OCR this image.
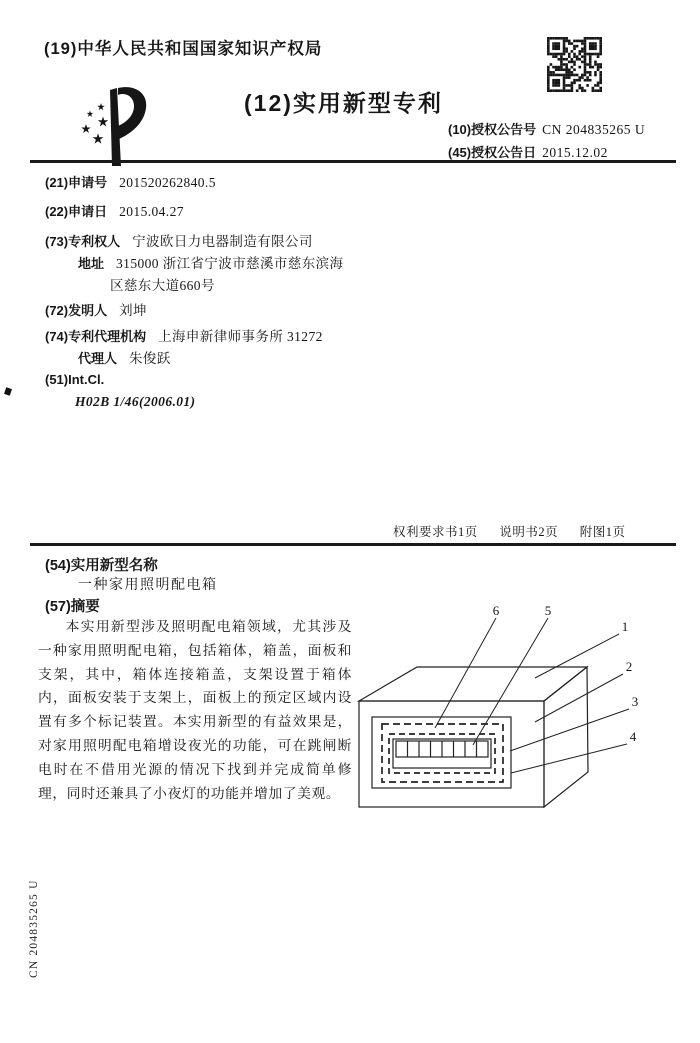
(19)中华人民共和国国家知识产权局
(12)实用新型专利
(10)授权公告号 CN 204835265 U
(45)授权公告日 2015.12.02
(21)申请号 201520262840.5
(22)申请日 2015.04.27
(73)专利权人 宁波欧日力电器制造有限公司
地址 315000 浙江省宁波市慈溪市慈东滨海
区慈东大道660号
(72)发明人 刘坤
(74)专利代理机构 上海申新律师事务所 31272
代理人 朱俊跃
(51)Int.Cl.
H02B 1/46(2006.01)
权利要求书1页 说明书2页 附图1页
(54)实用新型名称
一种家用照明配电箱
(57)摘要

本实用新型涉及照明配电箱领域，尤其涉及一种家用照明配电箱，包括箱体，箱盖，面板和支架，其中，箱体连接箱盖，支架设置于箱体内，面板安装于支架上，面板上的预定区域内设置有多个标记装置。本实用新型的有益效果是，对家用照明配电箱增设夜光的功能，可在跳闸断电时在不借用光源的情况下找到并完成简单修理，同时还兼具了小夜灯的功能并增加了美观。

6	5
1
2
3
4
CN 204835265 U
